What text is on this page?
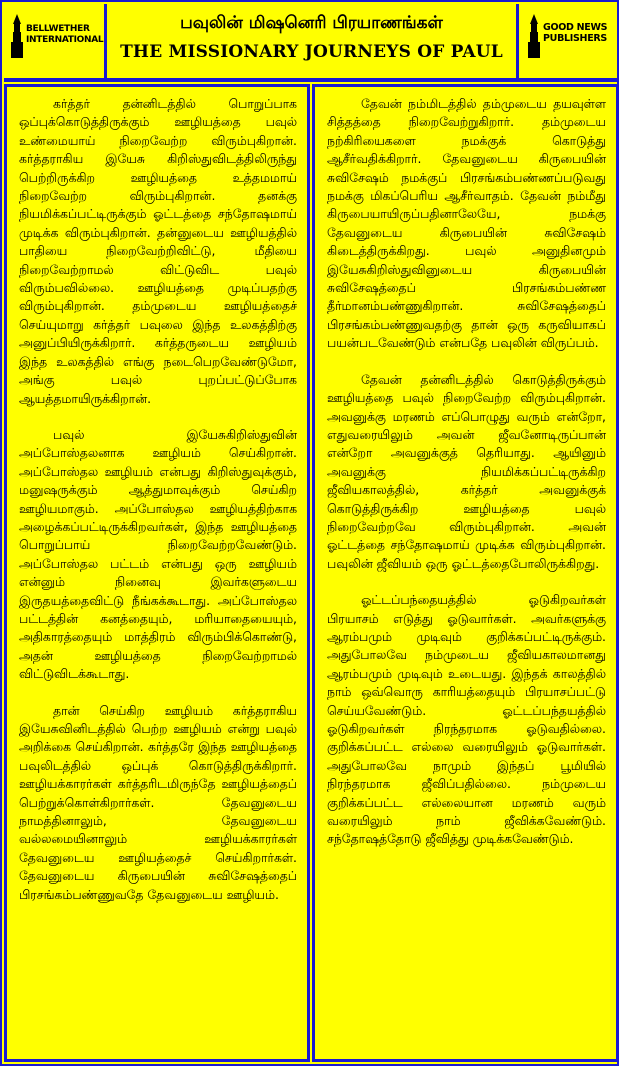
BELLWETHER INTERNATIONAL
பவுலின் மிஷனெரி பிரயாணங்கள்
THE MISSIONARY JOURNEYS OF PAUL
GOOD NEWS PUBLISHERS

கர்த்தர் தன்னிடத்தில் பொறுப்பாக ஒப்புக்கொடுத்திருக்கும் ஊழியத்தை பவுல் உண்மையாய் நிறைவேற்ற விரும்புகிறான். கர்த்தராகிய இயேசு கிறிஸ்துவிடத்திலிருந்து பெற்றிருக்கிற ஊழியத்தை உத்தமமாய் நிறைவேற்ற விரும்புகிறான். தனக்கு நியமிக்கப்பட்டிருக்கும் ஓட்டத்தை சந்தோஷமாய் முடிக்க விரும்புகிறான். தன்னுடைய ஊழியத்தில் பாதியை நிறைவேற்றிவிட்டு, மீதியை நிறைவேற்றாமல் விட்டுவிட பவுல் விரும்பவில்லை. ஊழியத்தை முடிப்பதற்கு விரும்புகிறான். தம்முடைய ஊழியத்தைச் செய்யுமாறு கர்த்தர் பவுலை இந்த உலகத்திற்கு அனுப்பியிருக்கிறார். கர்த்தருடைய ஊழியம் இந்த உலகத்தில் எங்கு நடைபெறவேண்டுமோ, அங்கு பவுல் புறப்பட்டுப்போக ஆயத்தமாயிருக்கிறான்.

பவுல் இயேசுகிறிஸ்துவின் அப்போஸ்தலனாக ஊழியம் செய்கிறான். அப்போஸ்தல ஊழியம் என்பது கிறிஸ்துவுக்கும், மனுஷருக்கும் ஆத்துமாவுக்கும் செய்கிற ஊழியமாகும். அப்போஸ்தல ஊழியத்திற்காக அழைக்கப்பட்டிருக்கிறவர்கள், இந்த ஊழியத்தை பொறுப்பாய் நிறைவேற்றவேண்டும். அப்போஸ்தல பட்டம் என்பது ஒரு ஊழியம் என்னும் நினைவு இவர்களுடைய இருதயத்தைவிட்டு நீங்கக்கூடாது. அப்போஸ்தல பட்டத்தின் கனத்தையும், மரியாதையையும், அதிகாரத்தையும் மாத்திரம் விரும்பிக்கொண்டு, அதன் ஊழியத்தை நிறைவேற்றாமல் விட்டுவிடக்கூடாது.

தான் செய்கிற ஊழியம் கர்த்தராகிய இயேசுவினிடத்தில் பெற்ற ஊழியம் என்று பவுல் அறிக்கை செய்கிறான். கர்த்தரே இந்த ஊழியத்தை பவுலிடத்தில் ஒப்புக் கொடுத்திருக்கிறார். ஊழியக்காரர்கள் கர்த்தரிடமிருந்தே ஊழியத்தைப் பெற்றுக்கொள்கிறார்கள். தேவனுடைய நாமத்தினாலும், தேவனுடைய வல்லமையினாலும் ஊழியக்காரர்கள் தேவனுடைய ஊழியத்தைச் செய்கிறார்கள். தேவனுடைய கிருபையின் சுவிசேஷத்தைப் பிரசங்கம்பண்ணுவதே தேவனுடைய ஊழியம்.

தேவன் நம்மிடத்தில் தம்முடைய தயவுள்ள சித்தத்தை நிறைவேற்றுகிறார். தம்முடைய நற்கிரியைகளை நமக்குக் கொடுத்து ஆசீர்வதிக்கிறார். தேவனுடைய கிருபையின் சுவிசேஷம் நமக்குப் பிரசங்கம்பண்ணப்படுவது நமக்கு மிகப்பெரிய ஆசீர்வாதம். தேவன் நம்மீது கிருபையாயிருப்பதினாலேயே, நமக்கு தேவனுடைய கிருபையின் சுவிசேஷம் கிடைத்திருக்கிறது. பவுல் அனுதினமும் இயேசுகிறிஸ்துவினுடைய கிருபையின் சுவிசேஷத்தைப் பிரசங்கம்பண்ண தீர்மானம்பண்ணுகிறான். சுவிசேஷத்தைப் பிரசங்கம்பண்ணுவதற்கு தான் ஒரு கருவியாகப் பயன்படவேண்டும் என்பதே பவுலின் விருப்பம்.

தேவன் தன்னிடத்தில் கொடுத்திருக்கும் ஊழியத்தை பவுல் நிறைவேற்ற விரும்புகிறான். அவனுக்கு மரணம் எப்பொழுது வரும் என்றோ, எதுவரையிலும் அவன் ஜீவனோடிருப்பான் என்றோ அவனுக்குத் தெரியாது. ஆயினும் அவனுக்கு நியமிக்கப்பட்டிருக்கிற ஜீவியகாலத்தில், கர்த்தர் அவனுக்குக் கொடுத்திருக்கிற ஊழியத்தை பவுல் நிறைவேற்றவே விரும்புகிறான். அவன் ஓட்டத்தை சந்தோஷமாய் முடிக்க விரும்புகிறான். பவுலின் ஜீவியம் ஒரு ஓட்டத்தைபோலிருக்கிறது.

ஓட்டப்பந்தையத்தில் ஓடுகிறவர்கள் பிரயாசம் எடுத்து ஓடுவார்கள். அவர்களுக்கு ஆரம்பமும் முடிவும் குறிக்கப்பட்டிருக்கும். அதுபோலவே நம்முடைய ஜீவியகாலமானது ஆரம்பமும் முடிவும் உடையது. இந்தக் காலத்தில் நாம் ஒவ்வொரு காரியத்தையும் பிரயாசப்பட்டு செய்யவேண்டும். ஓட்டப்பந்தயத்தில் ஓடுகிறவர்கள் நிரந்தரமாக ஓடுவதில்லை. குறிக்கப்பட்ட எல்லை வரையிலும் ஓடுவார்கள். அதுபோலவே நாமும் இந்தப் பூமியில் நிரந்தரமாக ஜீவிப்பதில்லை. நம்முடைய குறிக்கப்பட்ட எல்லையான மரணம் வரும் வரையிலும் நாம் ஜீவிக்கவேண்டும். சந்தோஷத்தோடு ஜீவித்து முடிக்கவேண்டும்.
